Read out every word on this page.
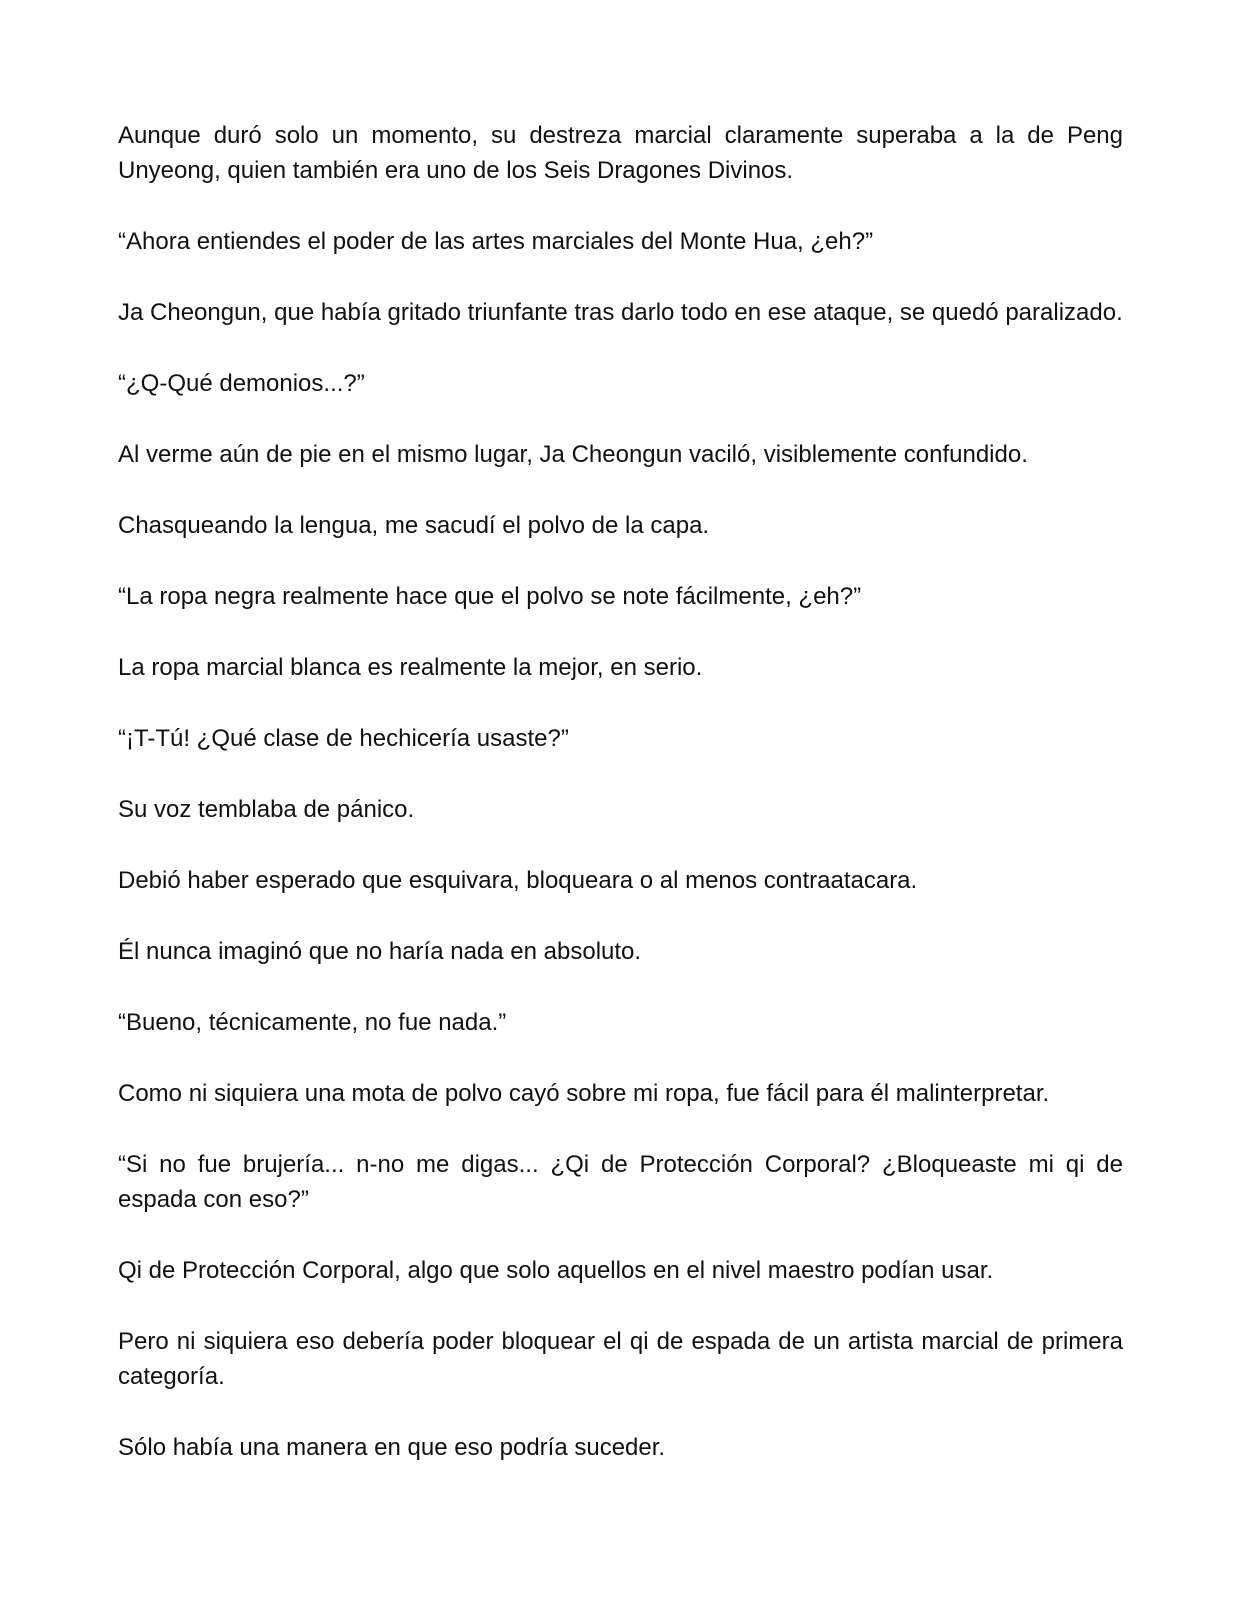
Aunque duró solo un momento, su destreza marcial claramente superaba a la de Peng Unyeong, quien también era uno de los Seis Dragones Divinos.

“Ahora entiendes el poder de las artes marciales del Monte Hua, ¿eh?”

Ja Cheongun, que había gritado triunfante tras darlo todo en ese ataque, se quedó paralizado.

“¿Q-Qué demonios...?”

Al verme aún de pie en el mismo lugar, Ja Cheongun vaciló, visiblemente confundido.

Chasqueando la lengua, me sacudí el polvo de la capa.

“La ropa negra realmente hace que el polvo se note fácilmente, ¿eh?”

La ropa marcial blanca es realmente la mejor, en serio.

“¡T-Tú! ¿Qué clase de hechicería usaste?”

Su voz temblaba de pánico.

Debió haber esperado que esquivara, bloqueara o al menos contraatacara.

Él nunca imaginó que no haría nada en absoluto.

“Bueno, técnicamente, no fue nada.”

Como ni siquiera una mota de polvo cayó sobre mi ropa, fue fácil para él malinterpretar.

“Si no fue brujería... n-no me digas... ¿Qi de Protección Corporal? ¿Bloqueaste mi qi de espada con eso?”

Qi de Protección Corporal, algo que solo aquellos en el nivel maestro podían usar.

Pero ni siquiera eso debería poder bloquear el qi de espada de un artista marcial de primera categoría.

Sólo había una manera en que eso podría suceder.
